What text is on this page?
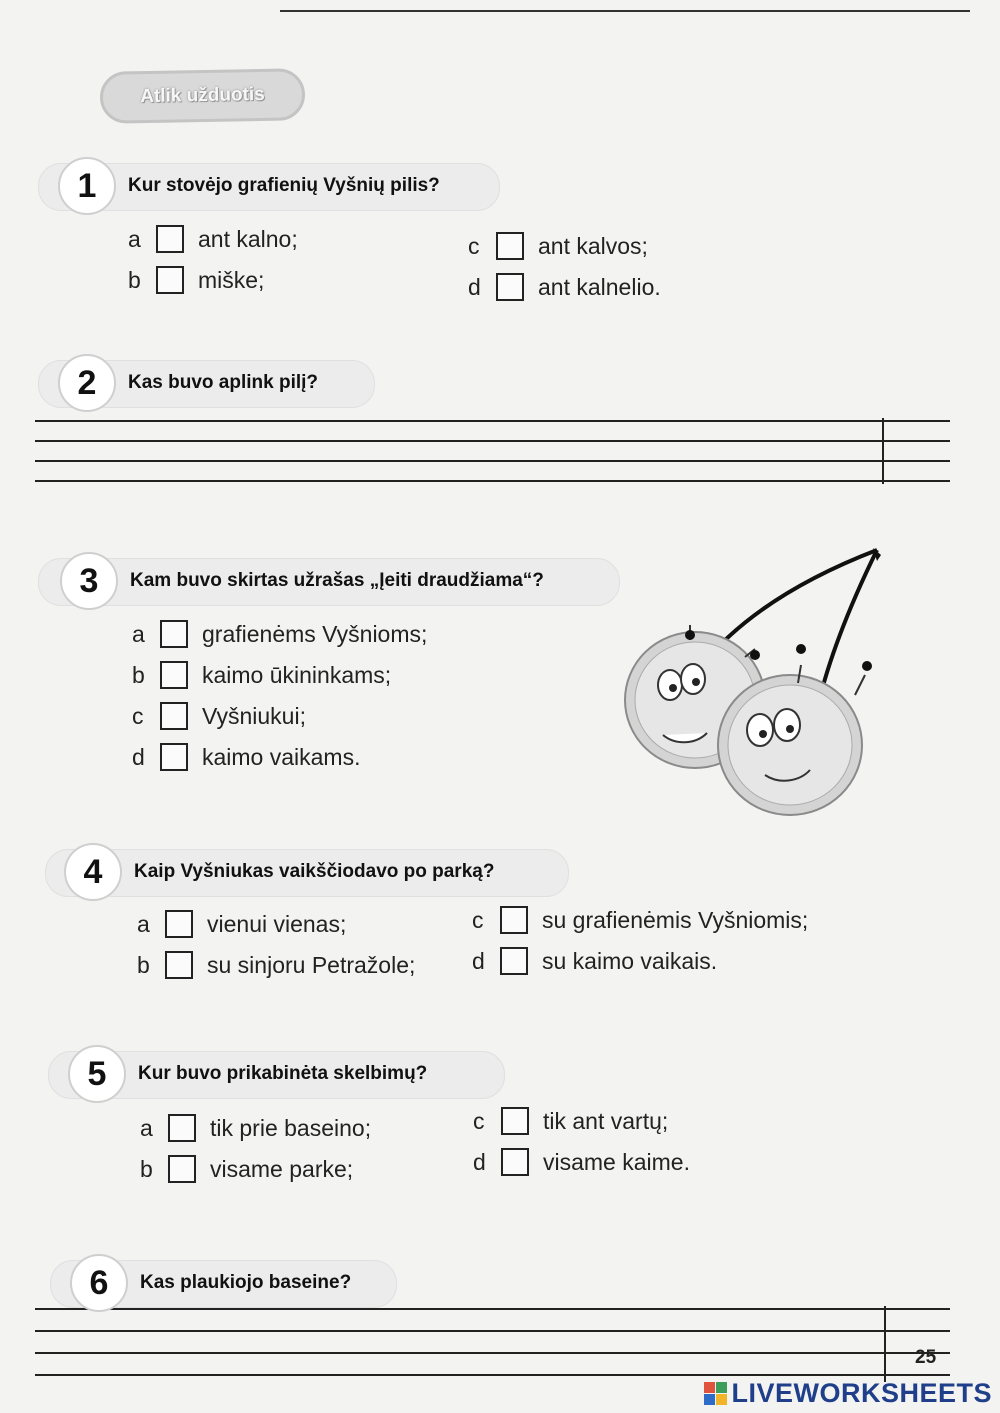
Atlik užduotis
1	Kur stovėjo grafienių Vyšnių pilis?
a	ant kalno;
b	miške;
c	ant kalvos;
d	ant kalnelio.
2	Kas buvo aplink pilį?
3	Kam buvo skirtas užrašas „Įeiti draudžiama“?
a	grafienėms Vyšnioms;
b	kaimo ūkininkams;
c	Vyšniukui;
d	kaimo vaikams.
4	Kaip Vyšniukas vaikščiodavo po parką?
a	vienui vienas;
b	su sinjoru Petražole;
c	su grafienėmis Vyšniomis;
d	su kaimo vaikais.
5	Kur buvo prikabinėta skelbimų?
a	tik prie baseino;
b	visame parke;
c	tik ant vartų;
d	visame kaime.
6	Kas plaukiojo baseine?
25
LIVEWORKSHEETS
